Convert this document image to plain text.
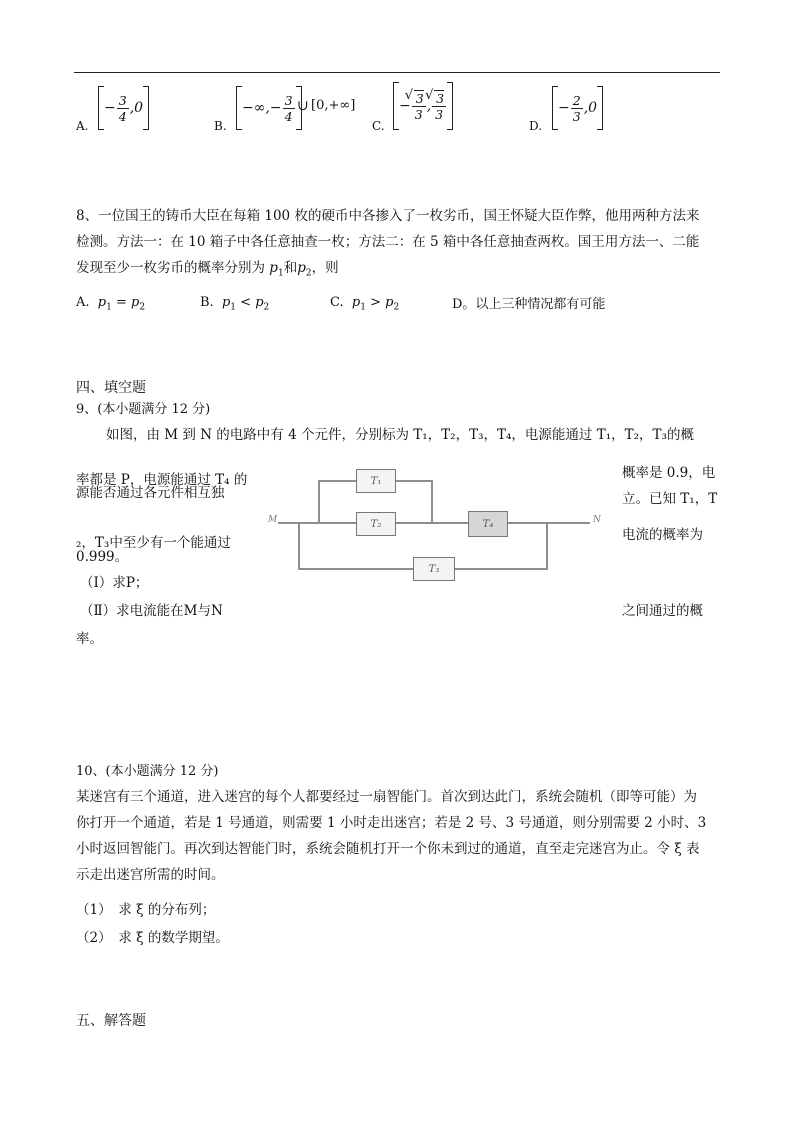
A.
− $\frac{3}{4} ,0$
B.
−∞,− $\frac{3}{4}$ ∪ [0,+∞]
C.
− √ $\frac{3}{3}$ , √ $\frac{3}{3}$
D.
− $\frac{2}{3} ,0$
8、一位国王的铸币大臣在每箱 100 枚的硬币中各掺入了一枚劣币，国王怀疑大臣作弊，他用两种方法来
检测。方法一：在 10 箱子中各任意抽查一枚；方法二：在 5 箱中各任意抽查两枚。国王用方法一、二能
发现至少一枚劣币的概率分别为 $p_1$和$p_2$，则
A. $p_1 = p_2$	B. $p_1 < p_2$	C. $p_1 > p_2$	D。以上三种情况都有可能
四、填空题
9、(本小题满分 12 分)
如图，由 M 到 N 的电路中有 4 个元件，分别标为 T₁，T₂，T₃，T₄，电源能通过 T₁，T₂，T₃的概
率都是 P，电源能通过 T₄ 的
源能否通过各元件相互独
概率是 0.9，电
立。已知 T₁，T
₂，T₃中至少有一个能通过	电流的概率为
0.999。
（Ⅰ）求P；
（Ⅱ）求电流能在M与N	之间通过的概
率。
M	N
T₁
T₂	T₄
T₃
10、(本小题满分 12 分)
某迷宫有三个通道，进入迷宫的每个人都要经过一扇智能门。首次到达此门，系统会随机（即等可能）为
你打开一个通道，若是 1 号通道，则需要 1 小时走出迷宫；若是 2 号、3 号通道，则分别需要 2 小时、3
小时返回智能门。再次到达智能门时，系统会随机打开一个你未到过的通道，直至走完迷宫为止。令 ξ 表
示走出迷宫所需的时间。
（1）　求 ξ 的分布列；
（2）　求 ξ 的数学期望。
五、解答题
